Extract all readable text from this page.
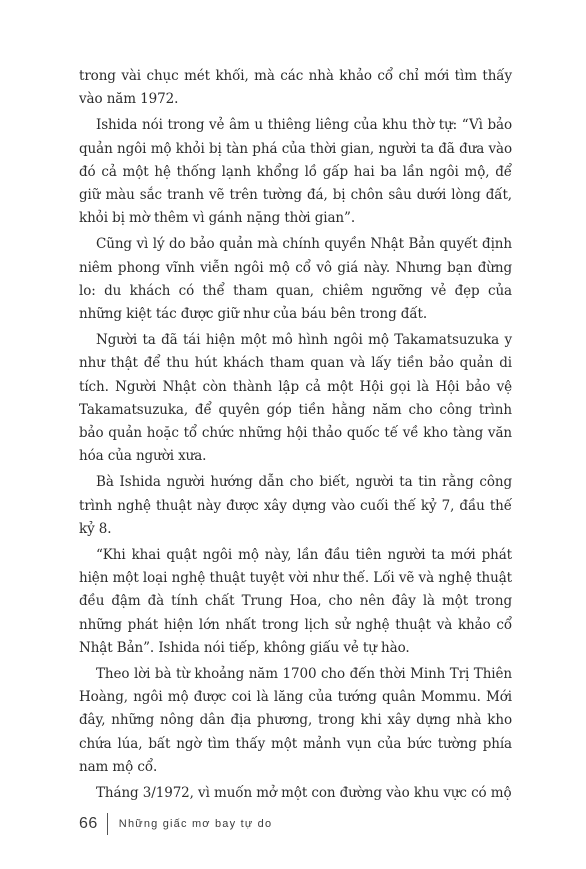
trong vài chục mét khối, mà các nhà khảo cổ chỉ mới tìm thấy vào năm 1972.

Ishida nói trong vẻ âm u thiêng liêng của khu thờ tự: “Vì bảo quản ngôi mộ khỏi bị tàn phá của thời gian, người ta đã đưa vào đó cả một hệ thống lạnh khổng lồ gấp hai ba lần ngôi mộ, để giữ màu sắc tranh vẽ trên tường đá, bị chôn sâu dưới lòng đất, khỏi bị mờ thêm vì gánh nặng thời gian”.

Cũng vì lý do bảo quản mà chính quyền Nhật Bản quyết định niêm phong vĩnh viễn ngôi mộ cổ vô giá này. Nhưng bạn đừng lo: du khách có thể tham quan, chiêm ngưỡng vẻ đẹp của những kiệt tác được giữ như của báu bên trong đất.

Người ta đã tái hiện một mô hình ngôi mộ Takamatsuzuka y như thật để thu hút khách tham quan và lấy tiền bảo quản di tích. Người Nhật còn thành lập cả một Hội gọi là Hội bảo vệ Takamatsuzuka, để quyên góp tiền hằng năm cho công trình bảo quản hoặc tổ chức những hội thảo quốc tế về kho tàng văn hóa của người xưa.

Bà Ishida người hướng dẫn cho biết, người ta tin rằng công trình nghệ thuật này được xây dựng vào cuối thế kỷ 7, đầu thế kỷ 8.

“Khi khai quật ngôi mộ này, lần đầu tiên người ta mới phát hiện một loại nghệ thuật tuyệt vời như thế. Lối vẽ và nghệ thuật đều đậm đà tính chất Trung Hoa, cho nên đây là một trong những phát hiện lớn nhất trong lịch sử nghệ thuật và khảo cổ Nhật Bản”. Ishida nói tiếp, không giấu vẻ tự hào.

Theo lời bà từ khoảng năm 1700 cho đến thời Minh Trị Thiên Hoàng, ngôi mộ được coi là lăng của tướng quân Mommu. Mới đây, những nông dân địa phương, trong khi xây dựng nhà kho chứa lúa, bất ngờ tìm thấy một mảnh vụn của bức tường phía nam mộ cổ.

Tháng 3/1972, vì muốn mở một con đường vào khu vực có mộ

66 Những giấc mơ bay tự do
